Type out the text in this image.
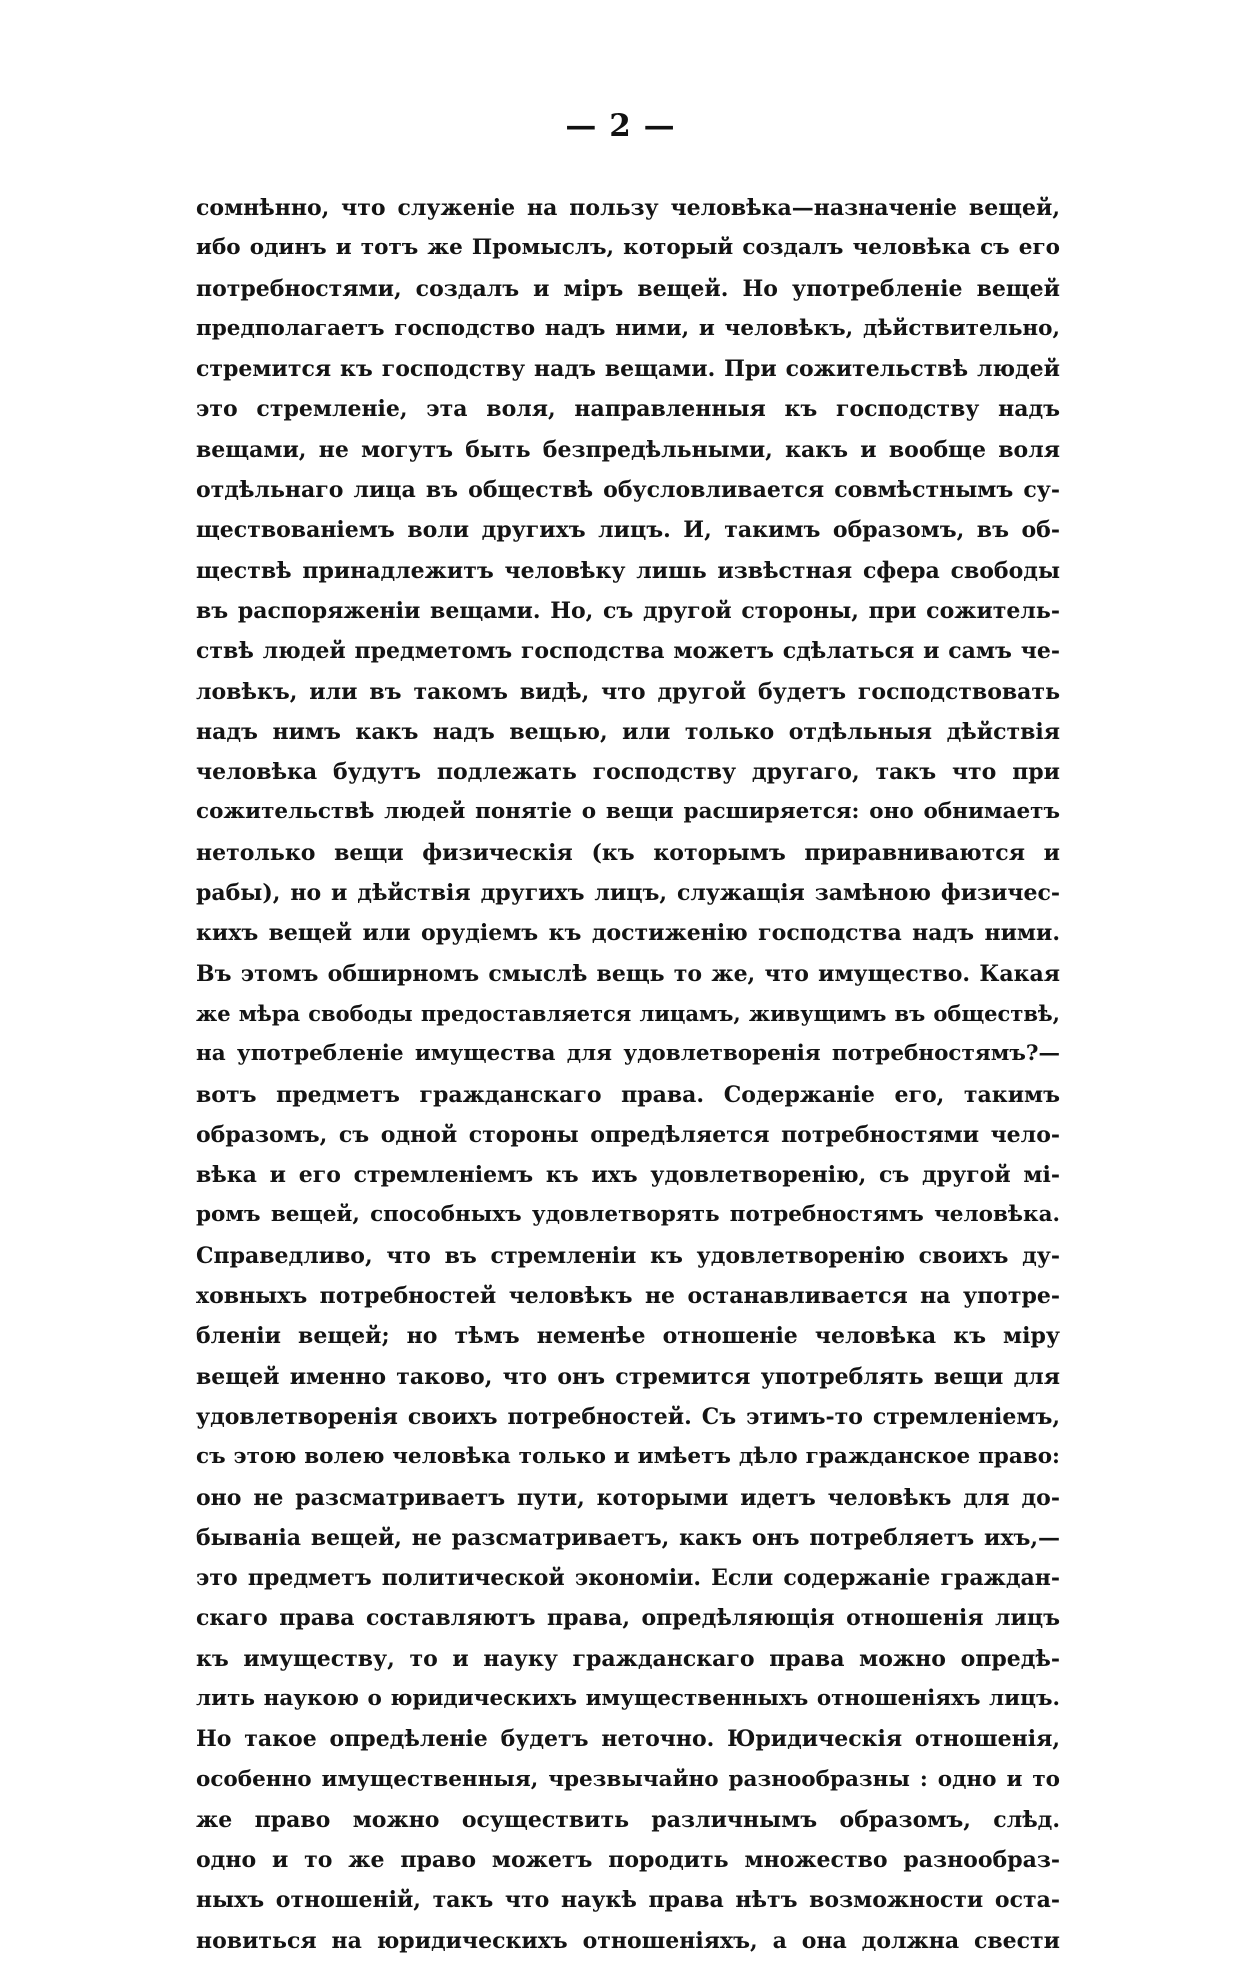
— 2 —
сомнѣнно, что служеніе на пользу человѣка—назначеніе вещей,
ибо одинъ и тотъ же Промыслъ, который создалъ человѣка съ его
потребностями, создалъ и міръ вещей. Но употребленіе вещей
предполагаетъ господство надъ ними, и человѣкъ, дѣйствительно,
стремится къ господству надъ вещами. При сожительствѣ людей
это стремленіе, эта воля, направленныя къ господству надъ
вещами, не могутъ быть безпредѣльными, какъ и вообще воля
отдѣльнаго лица въ обществѣ обусловливается совмѣстнымъ су-
ществованіемъ воли другихъ лицъ. И, такимъ образомъ, въ об-
ществѣ принадлежитъ человѣку лишь извѣстная сфера свободы
въ распоряженіи вещами. Но, съ другой стороны, при сожитель-
ствѣ людей предметомъ господства можетъ сдѣлаться и самъ че-
ловѣкъ, или въ такомъ видѣ, что другой будетъ господствовать
надъ нимъ какъ надъ вещью, или только отдѣльныя дѣйствія
человѣка будутъ подлежать господству другаго, такъ что при
сожительствѣ людей понятіе о вещи расширяется: оно обнимаетъ
нетолько вещи физическія (къ которымъ приравниваются и
рабы), но и дѣйствія другихъ лицъ, служащія замѣною физичес-
кихъ вещей или орудіемъ къ достиженію господства надъ ними.
Въ этомъ обширномъ смыслѣ вещь то же, что имущество. Какая
же мѣра свободы предоставляется лицамъ, живущимъ въ обществѣ,
на употребленіе имущества для удовлетворенія потребностямъ?—
вотъ предметъ гражданскаго права. Содержаніе его, такимъ
образомъ, съ одной стороны опредѣляется потребностями чело-
вѣка и его стремленіемъ къ ихъ удовлетворенію, съ другой мі-
ромъ вещей, способныхъ удовлетворять потребностямъ человѣка.
Справедливо, что въ стремленіи къ удовлетворенію своихъ ду-
ховныхъ потребностей человѣкъ не останавливается на употре-
бленіи вещей; но тѣмъ неменѣе отношеніе человѣка къ міру
вещей именно таково, что онъ стремится употреблять вещи для
удовлетворенія своихъ потребностей. Съ этимъ-то стремленіемъ,
съ этою волею человѣка только и имѣетъ дѣло гражданское право:
оно не разсматриваетъ пути, которыми идетъ человѣкъ для до-
бываніа вещей, не разсматриваетъ, какъ онъ потребляетъ ихъ,—
это предметъ политической экономіи. Если содержаніе граждан-
скаго права составляютъ права, опредѣляющія отношенія лицъ
къ имуществу, то и науку гражданскаго права можно опредѣ-
лить наукою о юридическихъ имущественныхъ отношеніяхъ лицъ.
Но такое опредѣленіе будетъ неточно. Юридическія отношенія,
особенно имущественныя, чрезвычайно разнообразны : одно и то
же право можно осуществить различнымъ образомъ, слѣд.
одно и то же право можетъ породить множество разнообраз-
ныхъ отношеній, такъ что наукѣ права нѣтъ возможности оста-
новиться на юридическихъ отношеніяхъ, а она должна свести
